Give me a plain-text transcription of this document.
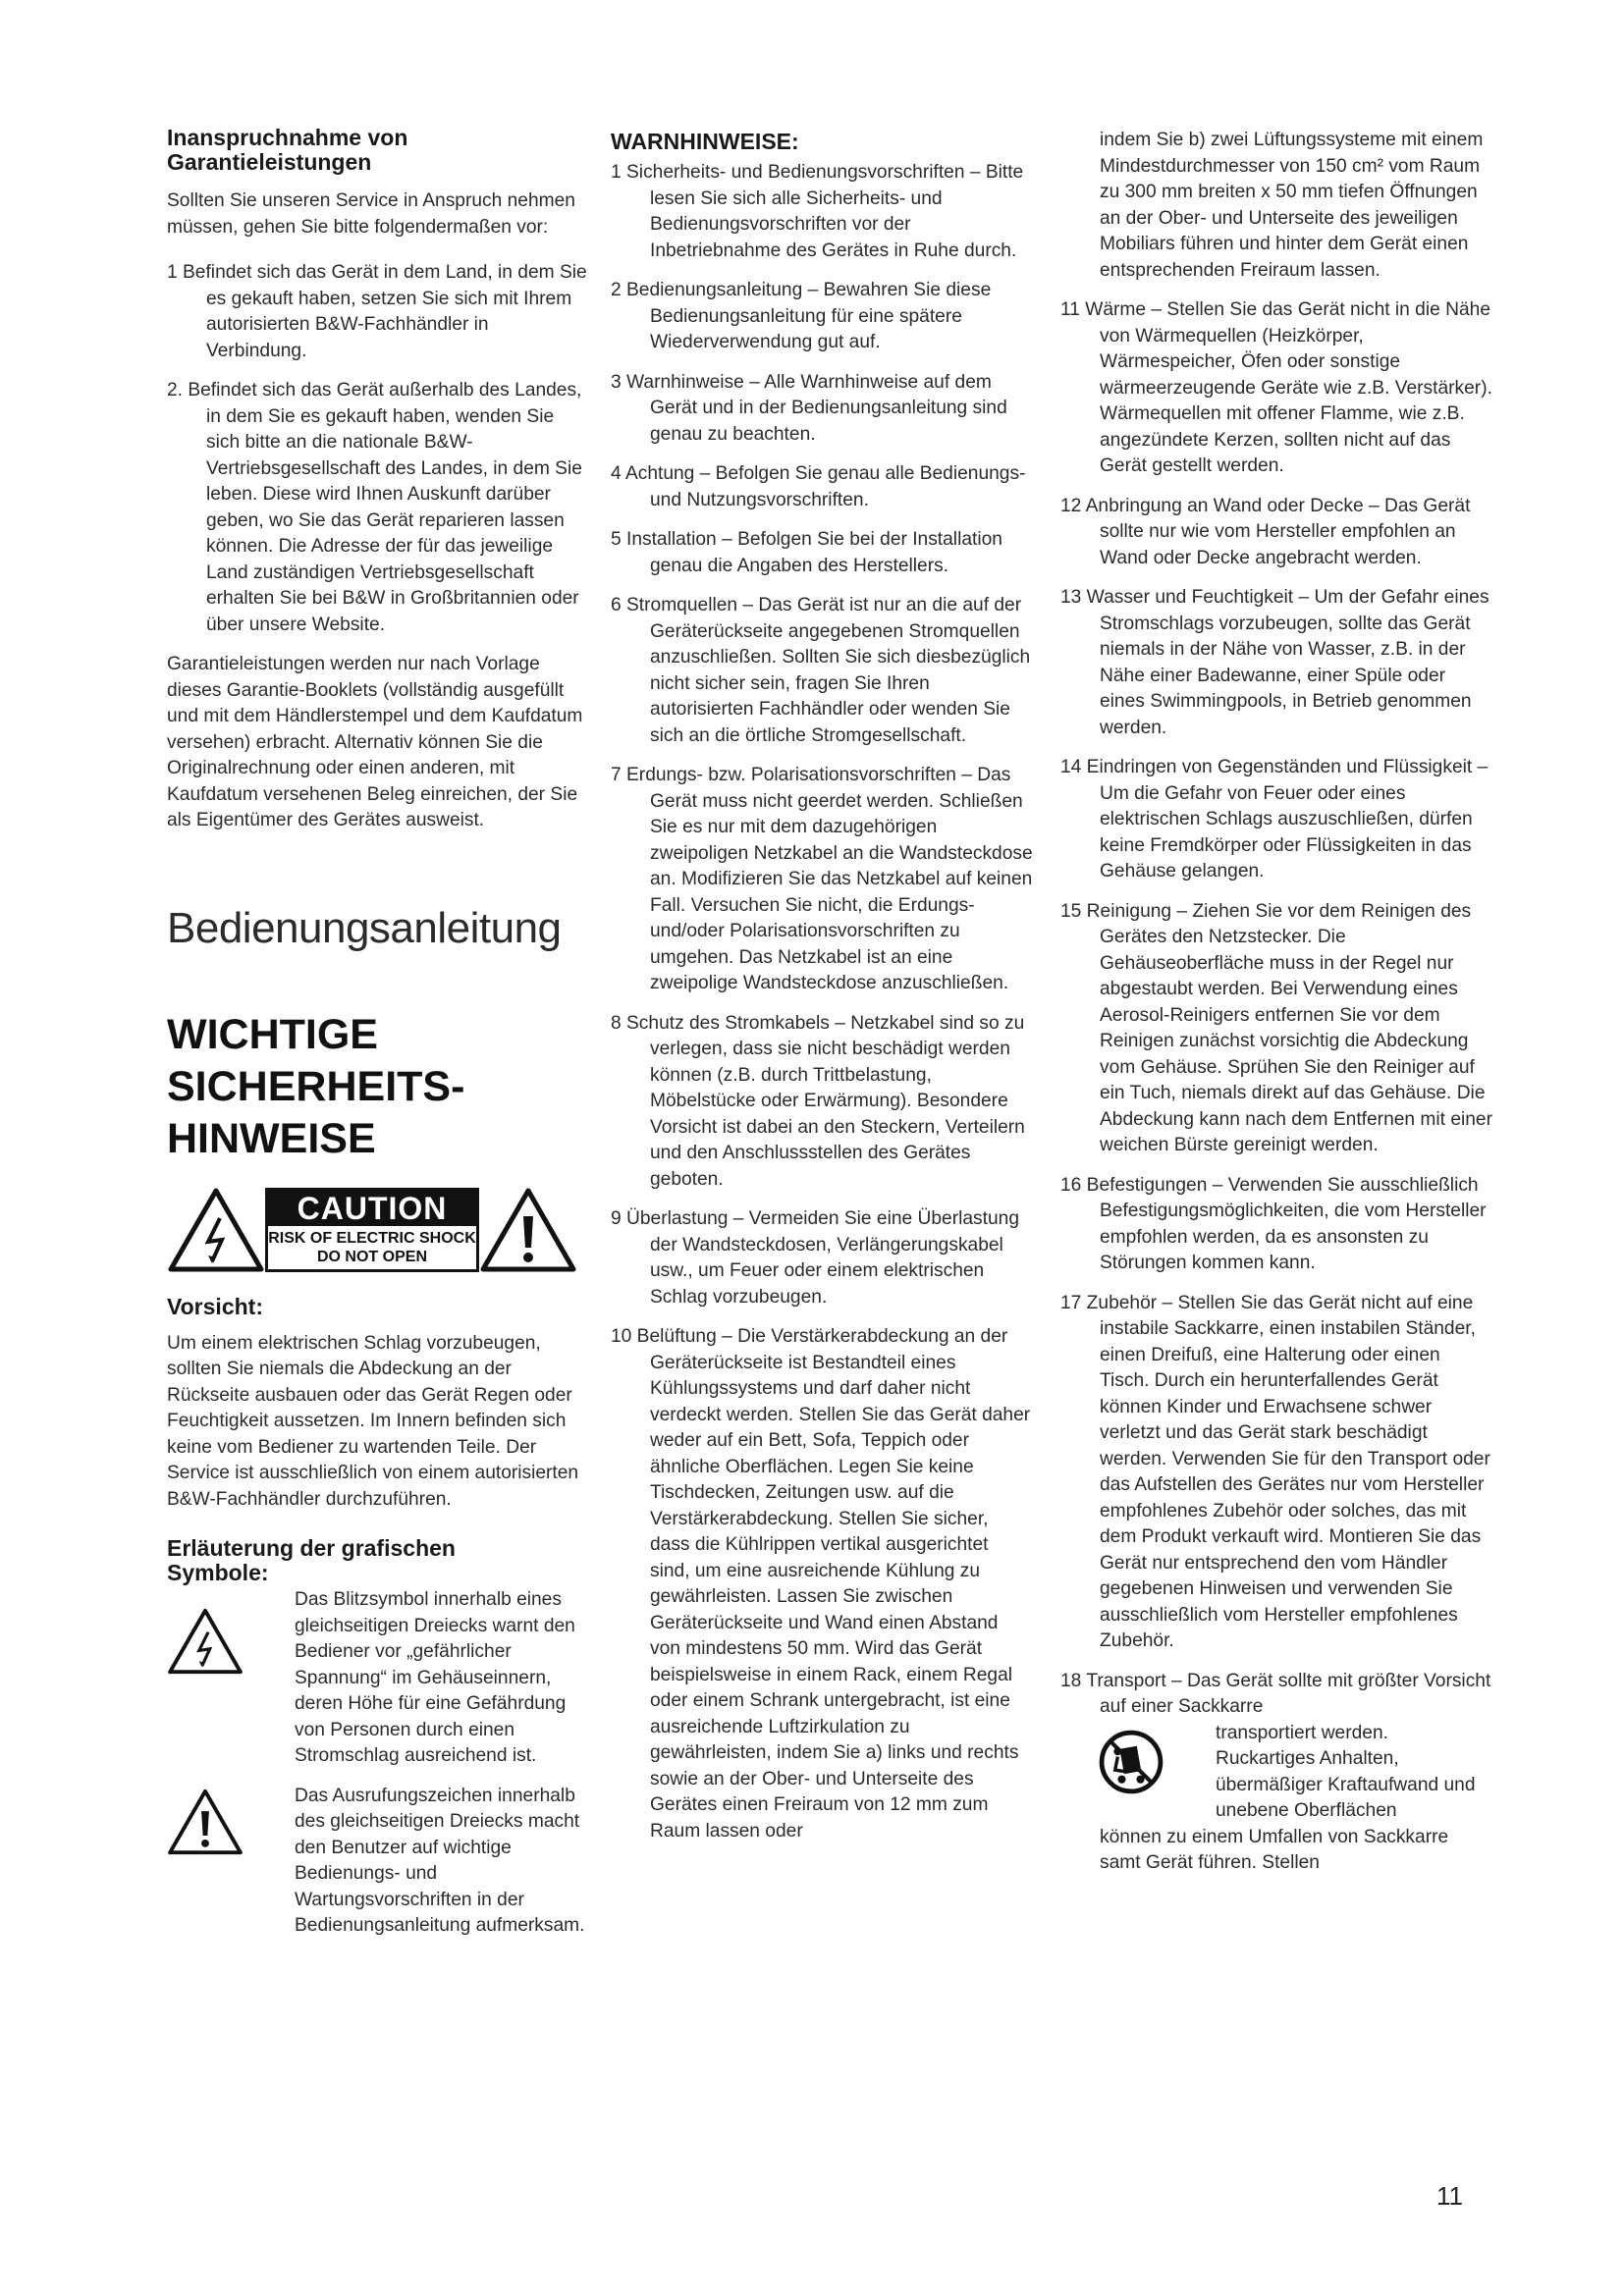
Inanspruchnahme von Garantieleistungen

Sollten Sie unseren Service in Anspruch nehmen müssen, gehen Sie bitte folgendermaßen vor:

1 Befindet sich das Gerät in dem Land, in dem Sie es gekauft haben, setzen Sie sich mit Ihrem autorisierten B&W-Fachhändler in Verbindung.
2. Befindet sich das Gerät außerhalb des Landes, in dem Sie es gekauft haben, wenden Sie sich bitte an die nationale B&W-Vertriebsgesellschaft des Landes, in dem Sie leben. Diese wird Ihnen Auskunft darüber geben, wo Sie das Gerät reparieren lassen können. Die Adresse der für das jeweilige Land zuständigen Vertriebsgesellschaft erhalten Sie bei B&W in Großbritannien oder über unsere Website.

Garantieleistungen werden nur nach Vorlage dieses Garantie-Booklets (vollständig ausgefüllt und mit dem Händlerstempel und dem Kaufdatum versehen) erbracht. Alternativ können Sie die Originalrechnung oder einen anderen, mit Kaufdatum versehenen Beleg einreichen, der Sie als Eigentümer des Gerätes ausweist.

Bedienungsanleitung
WICHTIGE SICHERHEITS-HINWEISE
CAUTION
RISK OF ELECTRIC SHOCK
DO NOT OPEN
Vorsicht:

Um einem elektrischen Schlag vorzubeugen, sollten Sie niemals die Abdeckung an der Rückseite ausbauen oder das Gerät Regen oder Feuchtigkeit aussetzen. Im Innern befinden sich keine vom Bediener zu wartenden Teile. Der Service ist ausschließlich von einem autorisierten B&W-Fachhändler durchzuführen.

Erläuterung der grafischen Symbole:
Das Blitzsymbol innerhalb eines gleichseitigen Dreiecks warnt den Bediener vor „gefährlicher Spannung“ im Gehäuseinnern, deren Höhe für eine Gefährdung von Personen durch einen Stromschlag ausreichend ist.
Das Ausrufungszeichen innerhalb des gleichseitigen Dreiecks macht den Benutzer auf wichtige Bedienungs- und Wartungsvorschriften in der Bedienungsanleitung aufmerksam.
WARNHINWEISE:
1 Sicherheits- und Bedienungsvorschriften – Bitte lesen Sie sich alle Sicherheits- und Bedienungsvorschriften vor der Inbetriebnahme des Gerätes in Ruhe durch.
2 Bedienungsanleitung – Bewahren Sie diese Bedienungsanleitung für eine spätere Wiederverwendung gut auf.
3 Warnhinweise – Alle Warnhinweise auf dem Gerät und in der Bedienungsanleitung sind genau zu beachten.
4 Achtung – Befolgen Sie genau alle Bedienungs- und Nutzungsvorschriften.
5 Installation – Befolgen Sie bei der Installation genau die Angaben des Herstellers.
6 Stromquellen – Das Gerät ist nur an die auf der Geräterückseite angegebenen Stromquellen anzuschließen. Sollten Sie sich diesbezüglich nicht sicher sein, fragen Sie Ihren autorisierten Fachhändler oder wenden Sie sich an die örtliche Stromgesellschaft.
7 Erdungs- bzw. Polarisationsvorschriften – Das Gerät muss nicht geerdet werden. Schließen Sie es nur mit dem dazugehörigen zweipoligen Netzkabel an die Wandsteckdose an. Modifizieren Sie das Netzkabel auf keinen Fall. Versuchen Sie nicht, die Erdungs- und/oder Polarisationsvorschriften zu umgehen. Das Netzkabel ist an eine zweipolige Wandsteckdose anzuschließen.
8 Schutz des Stromkabels – Netzkabel sind so zu verlegen, dass sie nicht beschädigt werden können (z.B. durch Trittbelastung, Möbelstücke oder Erwärmung). Besondere Vorsicht ist dabei an den Steckern, Verteilern und den Anschlussstellen des Gerätes geboten.
9 Überlastung – Vermeiden Sie eine Überlastung der Wandsteckdosen, Verlängerungskabel usw., um Feuer oder einem elektrischen Schlag vorzubeugen.
10 Belüftung – Die Verstärkerabdeckung an der Geräterückseite ist Bestandteil eines Kühlungssystems und darf daher nicht verdeckt werden. Stellen Sie das Gerät daher weder auf ein Bett, Sofa, Teppich oder ähnliche Oberflächen. Legen Sie keine Tischdecken, Zeitungen usw. auf die Verstärkerabdeckung. Stellen Sie sicher, dass die Kühlrippen vertikal ausgerichtet sind, um eine ausreichende Kühlung zu gewährleisten. Lassen Sie zwischen Geräterückseite und Wand einen Abstand von mindestens 50 mm. Wird das Gerät beispielsweise in einem Rack, einem Regal oder einem Schrank untergebracht, ist eine ausreichende Luftzirkulation zu gewährleisten, indem Sie a) links und rechts sowie an der Ober- und Unterseite des Gerätes einen Freiraum von 12 mm zum Raum lassen oder
indem Sie b) zwei Lüftungssysteme mit einem Mindestdurchmesser von 150 cm² vom Raum zu 300 mm breiten x 50 mm tiefen Öffnungen an der Ober- und Unterseite des jeweiligen Mobiliars führen und hinter dem Gerät einen entsprechenden Freiraum lassen.
11 Wärme – Stellen Sie das Gerät nicht in die Nähe von Wärmequellen (Heizkörper, Wärmespeicher, Öfen oder sonstige wärmeerzeugende Geräte wie z.B. Verstärker). Wärmequellen mit offener Flamme, wie z.B. angezündete Kerzen, sollten nicht auf das Gerät gestellt werden.
12 Anbringung an Wand oder Decke – Das Gerät sollte nur wie vom Hersteller empfohlen an Wand oder Decke angebracht werden.
13 Wasser und Feuchtigkeit – Um der Gefahr eines Stromschlags vorzubeugen, sollte das Gerät niemals in der Nähe von Wasser, z.B. in der Nähe einer Badewanne, einer Spüle oder eines Swimmingpools, in Betrieb genommen werden.
14 Eindringen von Gegenständen und Flüssigkeit – Um die Gefahr von Feuer oder eines elektrischen Schlags auszuschließen, dürfen keine Fremdkörper oder Flüssigkeiten in das Gehäuse gelangen.
15 Reinigung – Ziehen Sie vor dem Reinigen des Gerätes den Netzstecker. Die Gehäuseoberfläche muss in der Regel nur abgestaubt werden. Bei Verwendung eines Aerosol-Reinigers entfernen Sie vor dem Reinigen zunächst vorsichtig die Abdeckung vom Gehäuse. Sprühen Sie den Reiniger auf ein Tuch, niemals direkt auf das Gehäuse. Die Abdeckung kann nach dem Entfernen mit einer weichen Bürste gereinigt werden.
16 Befestigungen – Verwenden Sie ausschließlich Befestigungsmöglichkeiten, die vom Hersteller empfohlen werden, da es ansonsten zu Störungen kommen kann.
17 Zubehör – Stellen Sie das Gerät nicht auf eine instabile Sackkarre, einen instabilen Ständer, einen Dreifuß, eine Halterung oder einen Tisch. Durch ein herunterfallendes Gerät können Kinder und Erwachsene schwer verletzt und das Gerät stark beschädigt werden. Verwenden Sie für den Transport oder das Aufstellen des Gerätes nur vom Hersteller empfohlenes Zubehör oder solches, das mit dem Produkt verkauft wird. Montieren Sie das Gerät nur entsprechend den vom Händler gegebenen Hinweisen und verwenden Sie ausschließlich vom Hersteller empfohlenes Zubehör.
18 Transport – Das Gerät sollte mit größter Vorsicht auf einer Sackkarre
transportiert werden. Ruckartiges Anhalten, übermäßiger Kraftaufwand und unebene Oberflächen
können zu einem Umfallen von Sackkarre samt Gerät führen. Stellen
11
